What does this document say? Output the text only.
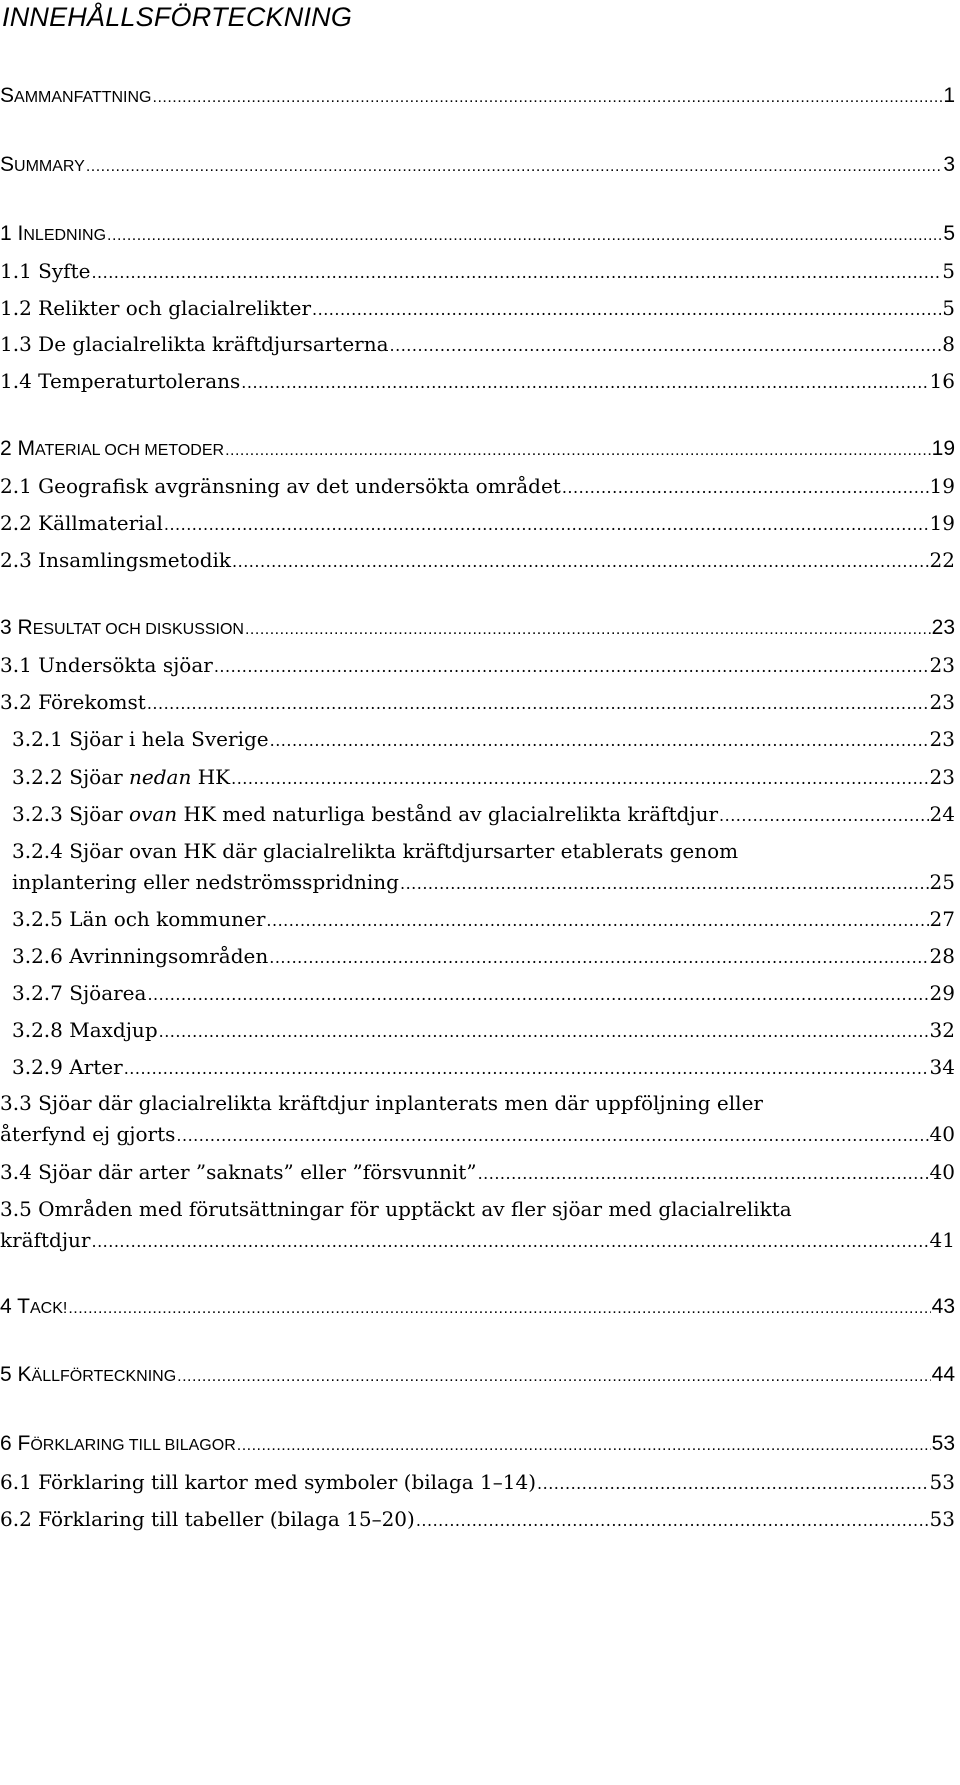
INNEHÅLLSFÖRTECKNING
SAMMANFATTNING .....	1
SUMMARY .....	3
1 INLEDNING .....	5
1.1 Syfte .....	5
1.2 Relikter och glacialrelikter .....	5
1.3 De glacialrelikta kräftdjursarterna .....	8
1.4 Temperaturtolerans .....	16
2 MATERIAL OCH METODER .....	19
2.1 Geografisk avgränsning av det undersökta området .....	19
2.2 Källmaterial .....	19
2.3 Insamlingsmetodik .....	22
3 RESULTAT OCH DISKUSSION .....	23
3.1 Undersökta sjöar .....	23
3.2 Förekomst .....	23
3.2.1 Sjöar i hela Sverige .....	23
3.2.2 Sjöar nedan HK .....	23
3.2.3 Sjöar ovan HK med naturliga bestånd av glacialrelikta kräftdjur .....	24
3.2.4 Sjöar ovan HK där glacialrelikta kräftdjursarter etablerats genom
inplantering eller nedströmsspridning .....	25
3.2.5 Län och kommuner .....	27
3.2.6 Avrinningsområden .....	28
3.2.7 Sjöarea .....	29
3.2.8 Maxdjup .....	32
3.2.9 Arter .....	34
3.3 Sjöar där glacialrelikta kräftdjur inplanterats men där uppföljning eller
återfynd ej gjorts .....	40
3.4 Sjöar där arter ”saknats” eller ”försvunnit” .....	40
3.5 Områden med förutsättningar för upptäckt av fler sjöar med glacialrelikta
kräftdjur .....	41
4 TACK! .....	43
5 KÄLLFÖRTECKNING .....	44
6 FÖRKLARING TILL BILAGOR .....	53
6.1 Förklaring till kartor med symboler (bilaga 1–14) .....	53
6.2 Förklaring till tabeller (bilaga 15–20) .....	53
